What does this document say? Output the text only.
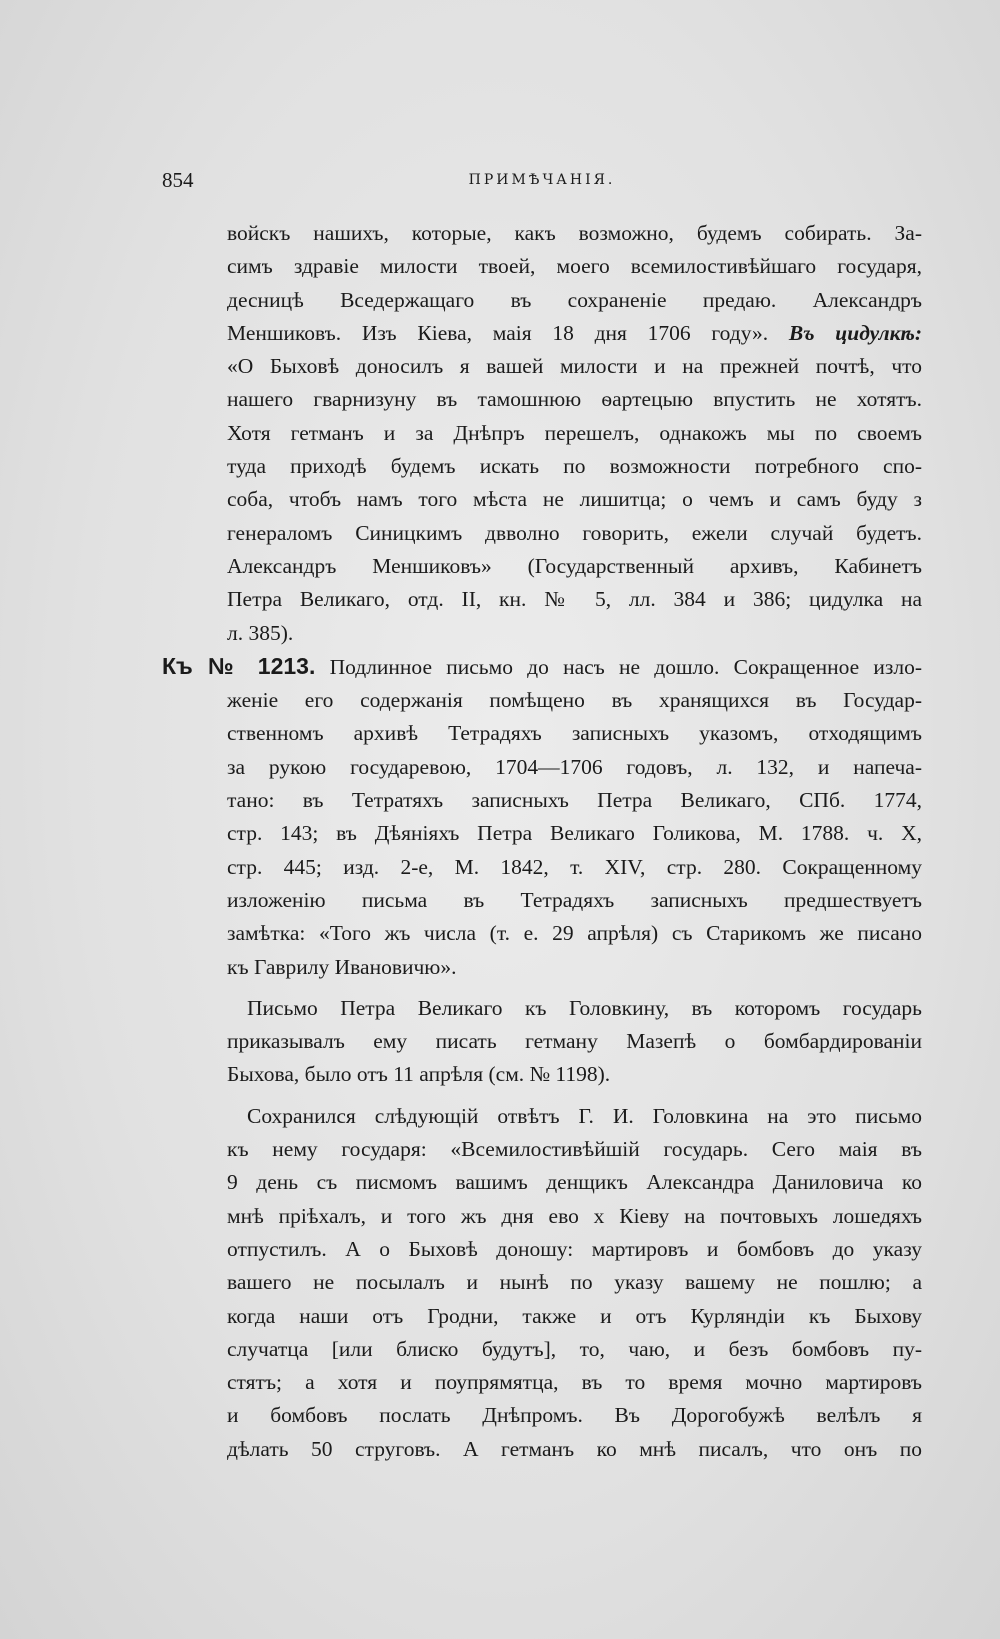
854	ПРИМѢЧАНІЯ.
войскъ нашихъ, которые, какъ возможно, будемъ собирать. За-
симъ здравіе милости твоей, моего всемилостивѣйшаго государя,
десницѣ Вседержащаго въ сохраненіе предаю. Александръ
Меншиковъ. Изъ Кіева, маія 18 дня 1706 году». Въ цидулкѣ:
«О Быховѣ доносилъ я вашей милости и на прежней почтѣ, что
нашего гварнизуну въ тамошнюю ѳартецыю впустить не хотятъ.
Хотя гетманъ и за Днѣпръ перешелъ, однакожъ мы по своемъ
туда приходѣ будемъ искать по возможности потребного спо-
соба, чтобъ намъ того мѣста не лишитца; о чемъ и самъ буду з
генераломъ Синицкимъ двволно говорить, ежели случай будетъ.
Александръ Меншиковъ» (Государственный архивъ, Кабинетъ
Петра Великаго, отд. II, кн. № 5, лл. 384 и 386; цидулка на
л. 385).
Къ № 1213. Подлинное письмо до насъ не дошло. Сокращенное изло-
женіе его содержанія помѣщено въ хранящихся въ Государ-
ственномъ архивѣ Тетрадяхъ записныхъ указомъ, отходящимъ
за рукою государевою, 1704—1706 годовъ, л. 132, и напеча-
тано: въ Тетратяхъ записныхъ Петра Великаго, СПб. 1774,
стр. 143; въ Дѣяніяхъ Петра Великаго Голикова, М. 1788. ч. X,
стр. 445; изд. 2-е, М. 1842, т. XIV, стр. 280. Сокращенному
изложенію письма въ Тетрадяхъ записныхъ предшествуетъ
замѣтка: «Того жъ числа (т. е. 29 апрѣля) съ Старикомъ же писано
къ Гаврилу Ивановичю».
Письмо Петра Великаго къ Головкину, въ которомъ государь
приказывалъ ему писать гетману Мазепѣ о бомбардированіи
Быхова, было отъ 11 апрѣля (см. № 1198).
Сохранился слѣдующій отвѣтъ Г. И. Головкина на это письмо
къ нему государя: «Всемилостивѣйшій государь. Сего маія въ
9 день съ писмомъ вашимъ денщикъ Александра Даниловича ко
мнѣ пріѣхалъ, и того жъ дня ево х Кіеву на почтовыхъ лошедяхъ
отпустилъ. А о Быховѣ доношу: мартировъ и бомбовъ до указу
вашего не посылалъ и нынѣ по указу вашему не пошлю; а
когда наши отъ Гродни, также и отъ Курляндіи къ Быхову
случатца [или блиско будутъ], то, чаю, и безъ бомбовъ пу-
стятъ; а хотя и поупрямятца, въ то время мочно мартировъ
и бомбовъ послать Днѣпромъ. Въ Дорогобужѣ велѣлъ я
дѣлать 50 струговъ. А гетманъ ко мнѣ писалъ, что онъ по
